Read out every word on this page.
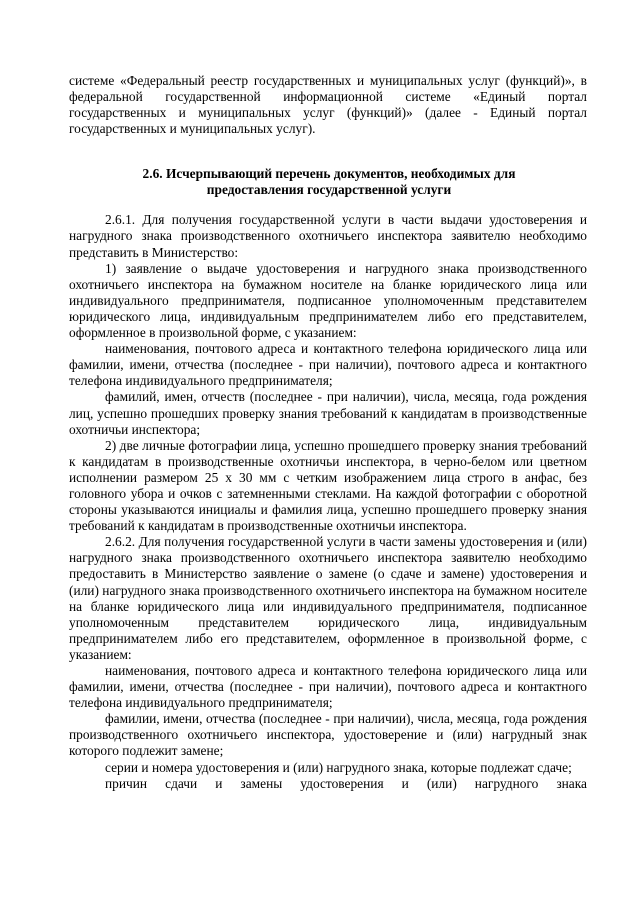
системе «Федеральный реестр государственных и муниципальных услуг (функций)», в федеральной государственной информационной системе «Единый портал государственных и муниципальных услуг (функций)» (далее - Единый портал государственных и муниципальных услуг).

2.6. Исчерпывающий перечень документов, необходимых для предоставления государственной услуги

2.6.1. Для получения государственной услуги в части выдачи удостоверения и нагрудного знака производственного охотничьего инспектора заявителю необходимо представить в Министерство:

1) заявление о выдаче удостоверения и нагрудного знака производственного охотничьего инспектора на бумажном носителе на бланке юридического лица или индивидуального предпринимателя, подписанное уполномоченным представителем юридического лица, индивидуальным предпринимателем либо его представителем, оформленное в произвольной форме, с указанием:

наименования, почтового адреса и контактного телефона юридического лица или фамилии, имени, отчества (последнее - при наличии), почтового адреса и контактного телефона индивидуального предпринимателя;

фамилий, имен, отчеств (последнее - при наличии), числа, месяца, года рождения лиц, успешно прошедших проверку знания требований к кандидатам в производственные охотничьи инспектора;

2) две личные фотографии лица, успешно прошедшего проверку знания требований к кандидатам в производственные охотничьи инспектора, в черно-белом или цветном исполнении размером 25 х 30 мм с четким изображением лица строго в анфас, без головного убора и очков с затемненными стеклами. На каждой фотографии с оборотной стороны указываются инициалы и фамилия лица, успешно прошедшего проверку знания требований к кандидатам в производственные охотничьи инспектора.

2.6.2. Для получения государственной услуги в части замены удостоверения и (или) нагрудного знака производственного охотничьего инспектора заявителю необходимо предоставить в Министерство заявление о замене (о сдаче и замене) удостоверения и (или) нагрудного знака производственного охотничьего инспектора на бумажном носителе на бланке юридического лица или индивидуального предпринимателя, подписанное уполномоченным представителем юридического лица, индивидуальным предпринимателем либо его представителем, оформленное в произвольной форме, с указанием:

наименования, почтового адреса и контактного телефона юридического лица или фамилии, имени, отчества (последнее - при наличии), почтового адреса и контактного телефона индивидуального предпринимателя;

фамилии, имени, отчества (последнее - при наличии), числа, месяца, года рождения производственного охотничьего инспектора, удостоверение и (или) нагрудный знак которого подлежит замене;

серии и номера удостоверения и (или) нагрудного знака, которые подлежат сдаче;

причин сдачи и замены удостоверения и (или) нагрудного знака
